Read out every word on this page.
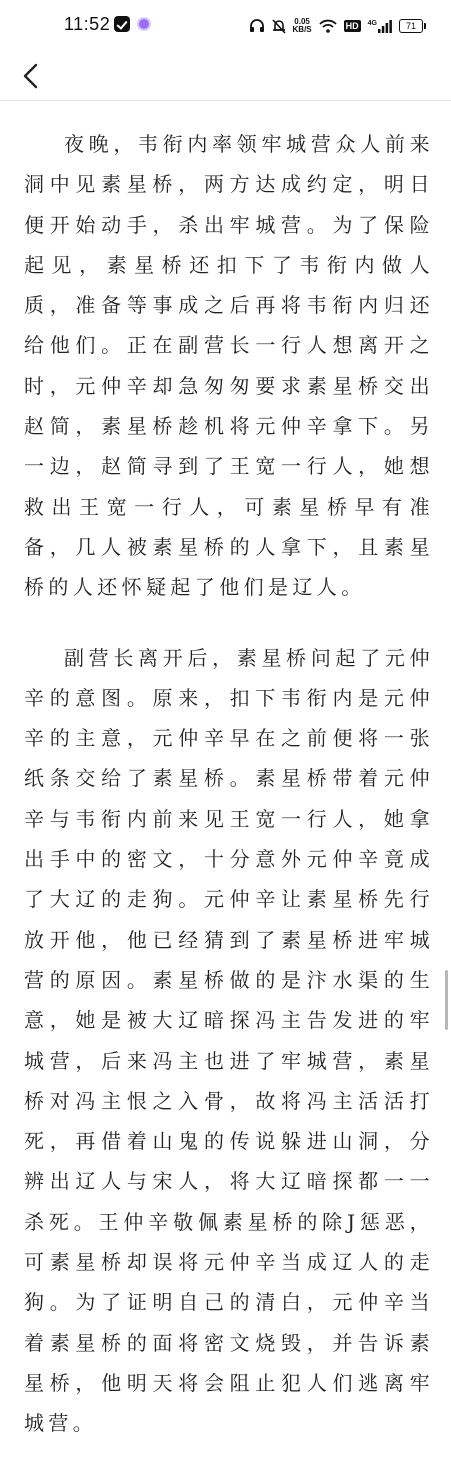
11:52	0.05
KB/S	HD 4G	71

夜晚，韦衔内率领牢城营众人前来洞中见素星桥，两方达成约定，明日便开始动手，杀出牢城营。为了保险起见，素星桥还扣下了韦衔内做人质，准备等事成之后再将韦衔内归还给他们。正在副营长一行人想离开之时，元仲辛却急匆匆要求素星桥交出赵简，素星桥趁机将元仲辛拿下。另一边，赵简寻到了王宽一行人，她想救出王宽一行人，可素星桥早有准备，几人被素星桥的人拿下，且素星桥的人还怀疑起了他们是辽人。

副营长离开后，素星桥问起了元仲辛的意图。原来，扣下韦衔内是元仲辛的主意，元仲辛早在之前便将一张纸条交给了素星桥。素星桥带着元仲辛与韦衔内前来见王宽一行人，她拿出手中的密文，十分意外元仲辛竟成了大辽的走狗。元仲辛让素星桥先行放开他，他已经猜到了素星桥进牢城营的原因。素星桥做的是汴水渠的生意，她是被大辽暗探冯主告发进的牢城营，后来冯主也进了牢城营，素星桥对冯主恨之入骨，故将冯主活活打死，再借着山鬼的传说躲进山洞，分辨出辽人与宋人，将大辽暗探都一一杀死。王仲辛敬佩素星桥的除J惩恶，可素星桥却误将元仲辛当成辽人的走狗。为了证明自己的清白，元仲辛当着素星桥的面将密文烧毁，并告诉素星桥，他明天将会阻止犯人们逃离牢城营。
